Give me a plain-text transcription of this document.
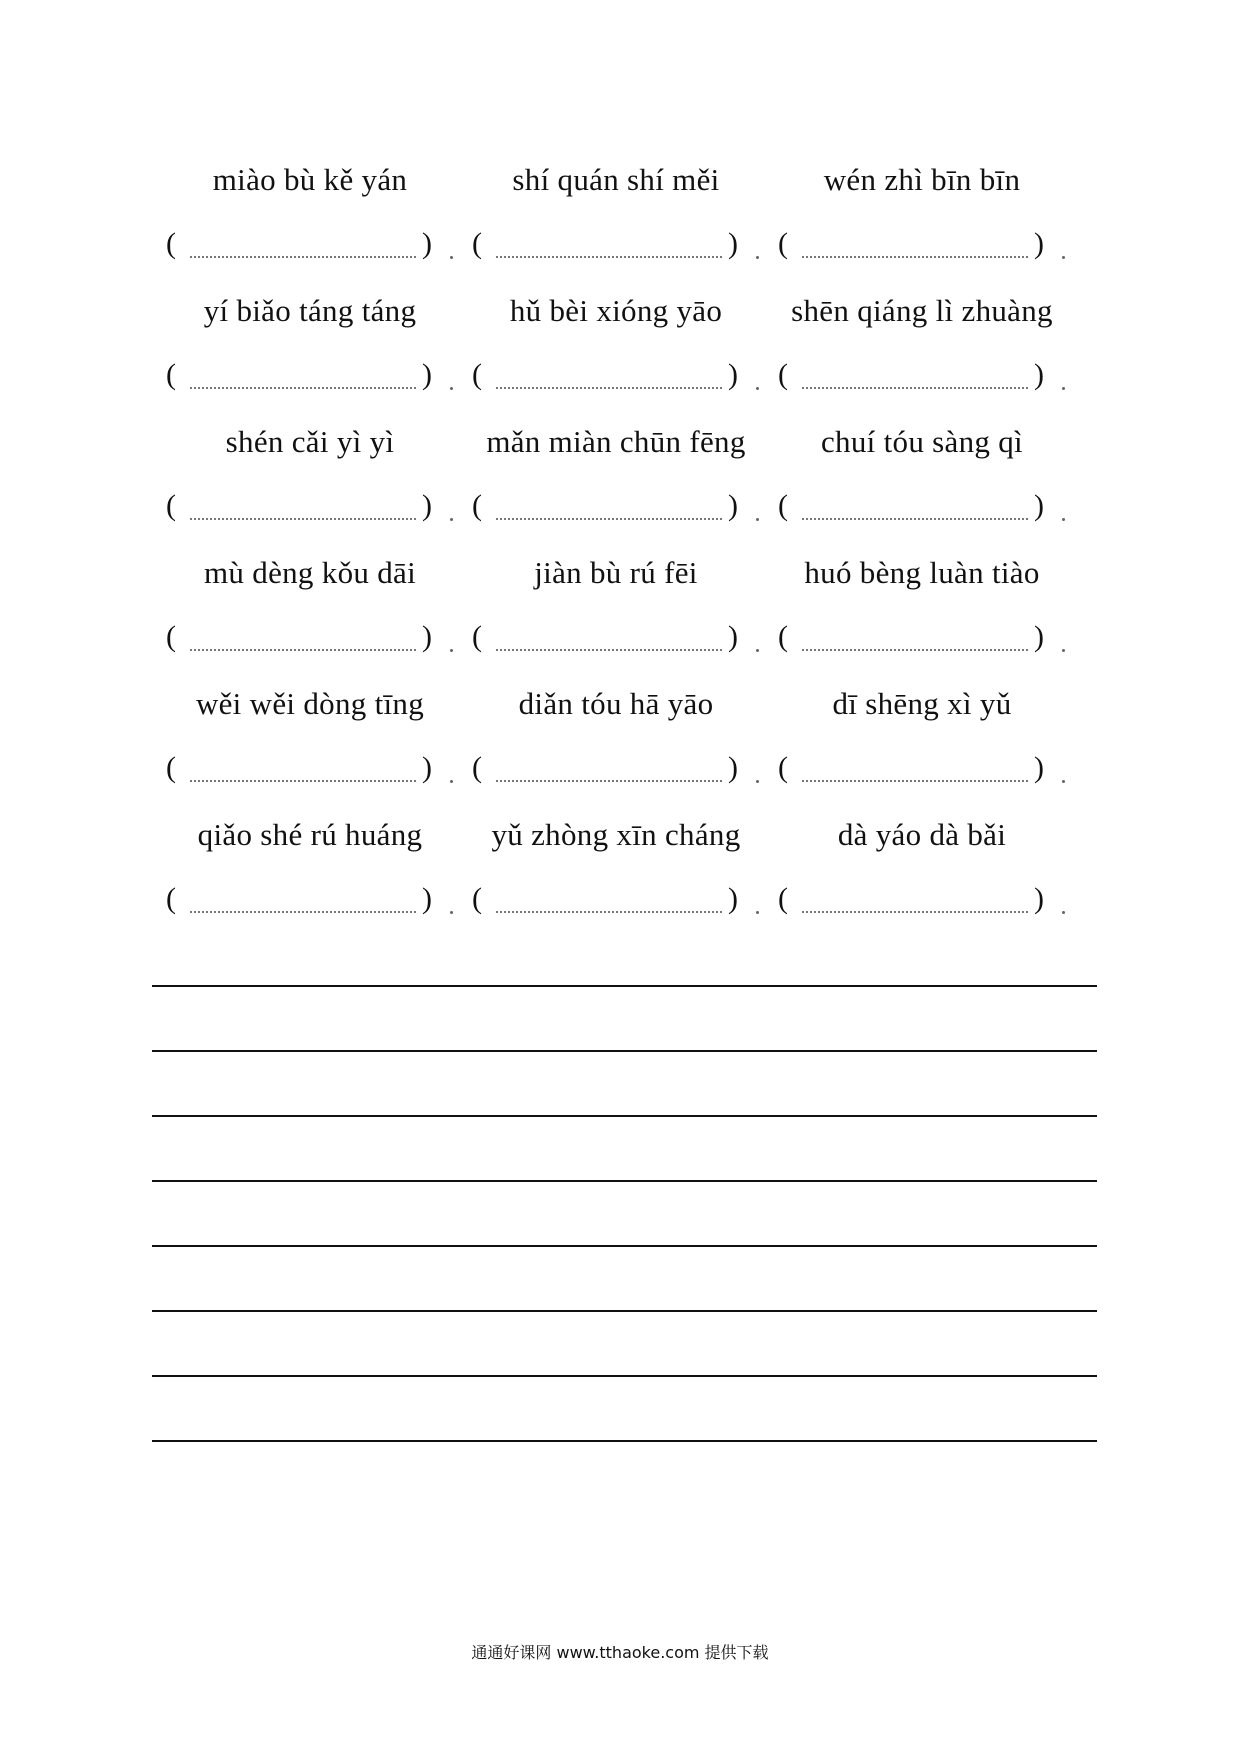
miào bù kě yán
(	)
shí quán shí měi
(	)
wén zhì bīn bīn
(	)
yí biǎo táng táng
(	)
hǔ bèi xióng yāo
(	)
shēn qiáng lì zhuàng
(	)
shén cǎi yì yì
(	)
mǎn miàn chūn fēng
(	)
chuí tóu sàng qì
(	)
mù dèng kǒu dāi
(	)
jiàn bù rú fēi
(	)
huó bèng luàn tiào
(	)
wěi wěi dòng tīng
(	)
diǎn tóu hā yāo
(	)
dī shēng xì yǔ
(	)
qiǎo shé rú huáng
(	)
yǔ zhòng xīn cháng
(	)
dà yáo dà bǎi
(	)
通通好课网 www.tthaoke.com 提供下载
